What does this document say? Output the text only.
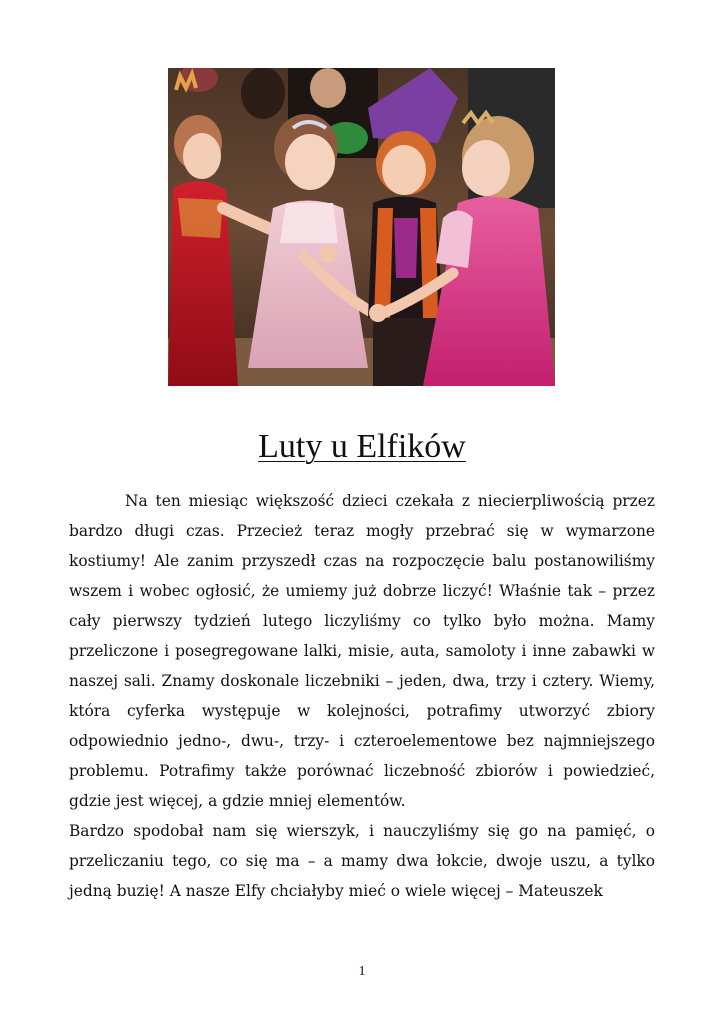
Luty u Elfików

Na ten miesiąc większość dzieci czekała z niecierpliwością przez bardzo długi czas. Przecież teraz mogły przebrać się w wymarzone kostiumy! Ale zanim przyszedł czas na rozpoczęcie balu postanowiliśmy wszem i wobec ogłosić, że umiemy już dobrze liczyć! Właśnie tak – przez cały pierwszy tydzień lutego liczyliśmy co tylko było można. Mamy przeliczone i posegregowane lalki, misie, auta, samoloty i inne zabawki w naszej sali. Znamy doskonale liczebniki – jeden, dwa, trzy i cztery. Wiemy, która cyferka występuje w kolejności, potrafimy utworzyć zbiory odpowiednio jedno-, dwu-, trzy- i czteroelementowe bez najmniejszego problemu. Potrafimy także porównać liczebność zbiorów i powiedzieć, gdzie jest więcej, a gdzie mniej elementów.

Bardzo spodobał nam się wierszyk, i nauczyliśmy się go na pamięć, o przeliczaniu tego, co się ma – a mamy dwa łokcie, dwoje uszu, a tylko jedną buzię! A nasze Elfy chciałyby mieć o wiele więcej – Mateuszek

1
